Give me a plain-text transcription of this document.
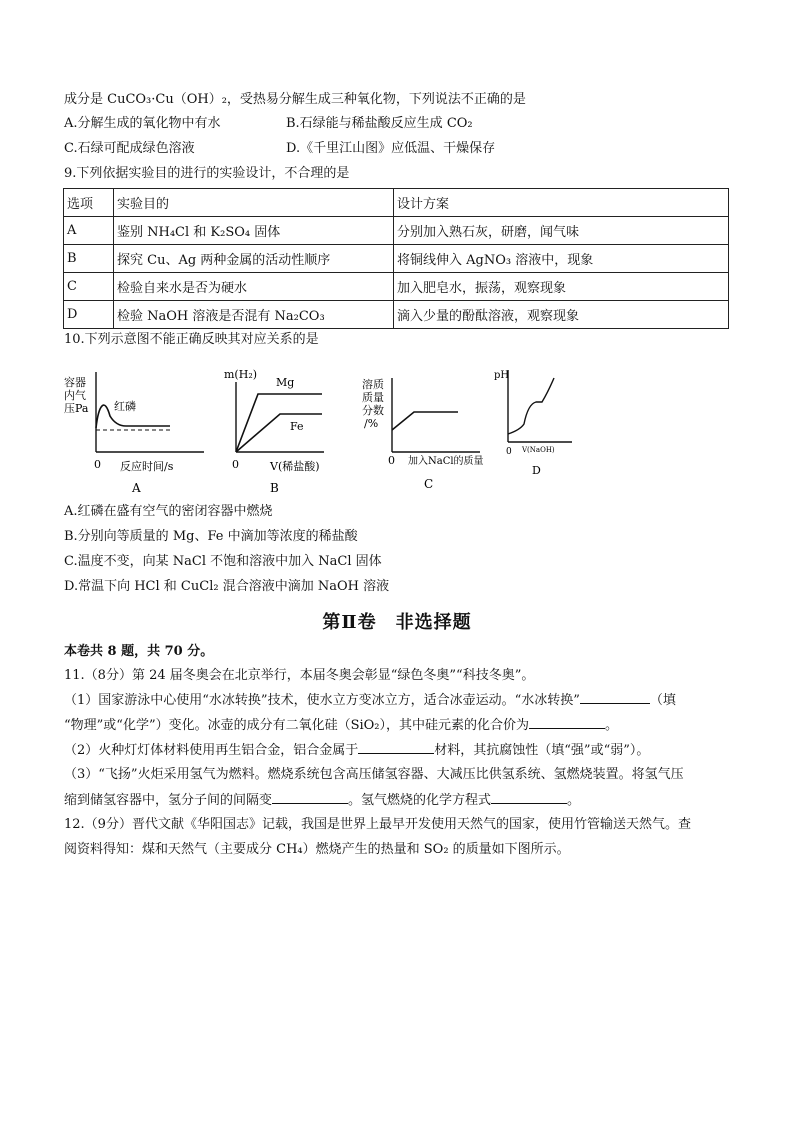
成分是 CuCO₃·Cu（OH）₂，受热易分解生成三种氧化物，下列说法不正确的是
A.分解生成的氧化物中有水	B.石绿能与稀盐酸反应生成 CO₂
C.石绿可配成绿色溶液	D.《千里江山图》应低温、干燥保存
9.下列依据实验目的进行的实验设计，不合理的是
选项	实验目的	设计方案
A	鉴别 NH₄Cl 和 K₂SO₄ 固体	分别加入熟石灰，研磨，闻气味
B	探究 Cu、Ag 两种金属的活动性顺序	将铜线伸入 AgNO₃ 溶液中，现象
C	检验自来水是否为硬水	加入肥皂水，振荡，观察现象
D	检验 NaOH 溶液是否混有 Na₂CO₃	滴入少量的酚酞溶液，观察现象
10.下列示意图不能正确反映其对应关系的是
容器
内气
压Pa 红磷
0 反应时间/s
A
m(H₂)
Mg
Fe
0	V(稀盐酸)
B
溶质
质量
分数
/%
0 加入NaCl的质量
C
pH
0 V(NaOH)
D
A.红磷在盛有空气的密闭容器中燃烧
B.分别向等质量的 Mg、Fe 中滴加等浓度的稀盐酸
C.温度不变，向某 NaCl 不饱和溶液中加入 NaCl 固体
D.常温下向 HCl 和 CuCl₂ 混合溶液中滴加 NaOH 溶液
第Ⅱ卷　非选择题
本卷共 8 题，共 70 分。
11.（8分）第 24 届冬奥会在北京举行，本届冬奥会彰显“绿色冬奥”“科技冬奥”。
（1）国家游泳中心使用“水冰转换”技术，使水立方变冰立方，适合冰壶运动。“水冰转换”	（填
“物理”或“化学”）变化。冰壶的成分有二氧化硅（SiO₂），其中硅元素的化合价为	。
（2）火种灯灯体材料使用再生铝合金，铝合金属于	材料，其抗腐蚀性（填“强”或“弱”）。
（3）“飞扬”火炬采用氢气为燃料。燃烧系统包含高压储氢容器、大减压比供氢系统、氢燃烧装置。将氢气压
缩到储氢容器中，氢分子间的间隔变	。氢气燃烧的化学方程式	。
12.（9分）晋代文献《华阳国志》记载，我国是世界上最早开发使用天然气的国家，使用竹管输送天然气。查
阅资料得知：煤和天然气（主要成分 CH₄）燃烧产生的热量和 SO₂ 的质量如下图所示。
